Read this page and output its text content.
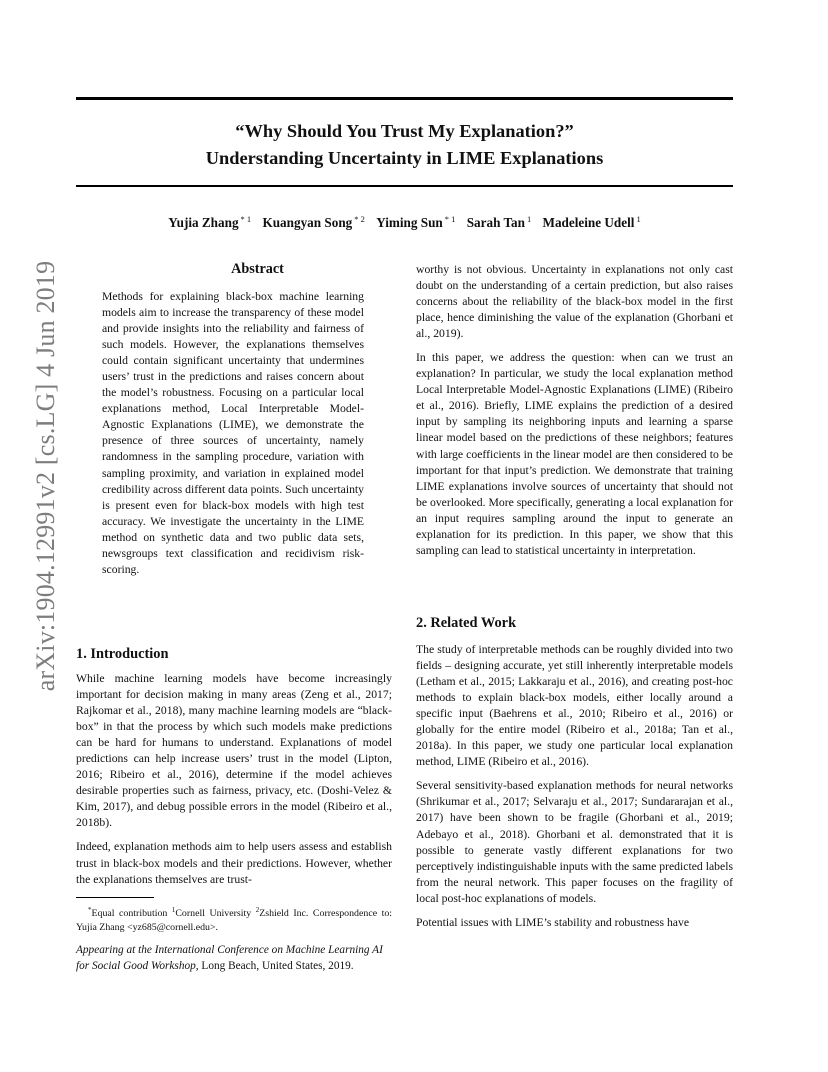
“Why Should You Trust My Explanation?”
Understanding Uncertainty in LIME Explanations
Yujia Zhang $^{* 1}$ Kuangyan Song $^{* 2}$ Yiming Sun $^{* 1}$ Sarah Tan $^1$ Madeleine Udell $^1$
arXiv:1904.12991v2 [cs.LG] 4 Jun 2019	Abstract
Methods for explaining black-box machine learning models aim to increase the transparency of these model and provide insights into the reliability and fairness of such models. However, the explanations themselves could contain significant uncertainty that undermines users’ trust in the predictions and raises concern about the model’s robustness. Focusing on a particular local explanations method, Local Interpretable Model-Agnostic Explanations (LIME), we demonstrate the presence of three sources of uncertainty, namely randomness in the sampling procedure, variation with sampling proximity, and variation in explained model credibility across different data points. Such uncertainty is present even for black-box models with high test accuracy. We investigate the uncertainty in the LIME method on synthetic data and two public data sets, newsgroups text classification and recidivism risk-scoring.
1. Introduction

While machine learning models have become increasingly important for decision making in many areas (Zeng et al., 2017; Rajkomar et al., 2018), many machine learning models are “black-box” in that the process by which such models make predictions can be hard for humans to understand. Explanations of model predictions can help increase users’ trust in the model (Lipton, 2016; Ribeiro et al., 2016), determine if the model achieves desirable properties such as fairness, privacy, etc. (Doshi-Velez & Kim, 2017), and debug possible errors in the model (Ribeiro et al., 2018b).

Indeed, explanation methods aim to help users assess and establish trust in black-box models and their predictions. However, whether the explanations themselves are trust-

*Equal contribution $^1$Cornell University $^2$Zshield Inc. Correspondence to: Yujia Zhang <yz685@cornell.edu>.
Appearing at the International Conference on Machine Learning AI for Social Good Workshop, Long Beach, United States, 2019.

worthy is not obvious. Uncertainty in explanations not only cast doubt on the understanding of a certain prediction, but also raises concerns about the reliability of the black-box model in the first place, hence diminishing the value of the explanation (Ghorbani et al., 2019).

In this paper, we address the question: when can we trust an explanation? In particular, we study the local explanation method Local Interpretable Model-Agnostic Explanations (LIME) (Ribeiro et al., 2016). Briefly, LIME explains the prediction of a desired input by sampling its neighboring inputs and learning a sparse linear model based on the predictions of these neighbors; features with large coefficients in the linear model are then considered to be important for that input’s prediction. We demonstrate that training LIME explanations involve sources of uncertainty that should not be overlooked. More specifically, generating a local explanation for an input requires sampling around the input to generate an explanation for its prediction. In this paper, we show that this sampling can lead to statistical uncertainty in interpretation.

2. Related Work

The study of interpretable methods can be roughly divided into two fields – designing accurate, yet still inherently interpretable models (Letham et al., 2015; Lakkaraju et al., 2016), and creating post-hoc methods to explain black-box models, either locally around a specific input (Baehrens et al., 2010; Ribeiro et al., 2016) or globally for the entire model (Ribeiro et al., 2018a; Tan et al., 2018a). In this paper, we study one particular local explanation method, LIME (Ribeiro et al., 2016).

Several sensitivity-based explanation methods for neural networks (Shrikumar et al., 2017; Selvaraju et al., 2017; Sundararajan et al., 2017) have been shown to be fragile (Ghorbani et al., 2019; Adebayo et al., 2018). Ghorbani et al. demonstrated that it is possible to generate vastly different explanations for two perceptively indistinguishable inputs with the same predicted labels from the neural network. This paper focuses on the fragility of local post-hoc explanations of models.

Potential issues with LIME’s stability and robustness have
